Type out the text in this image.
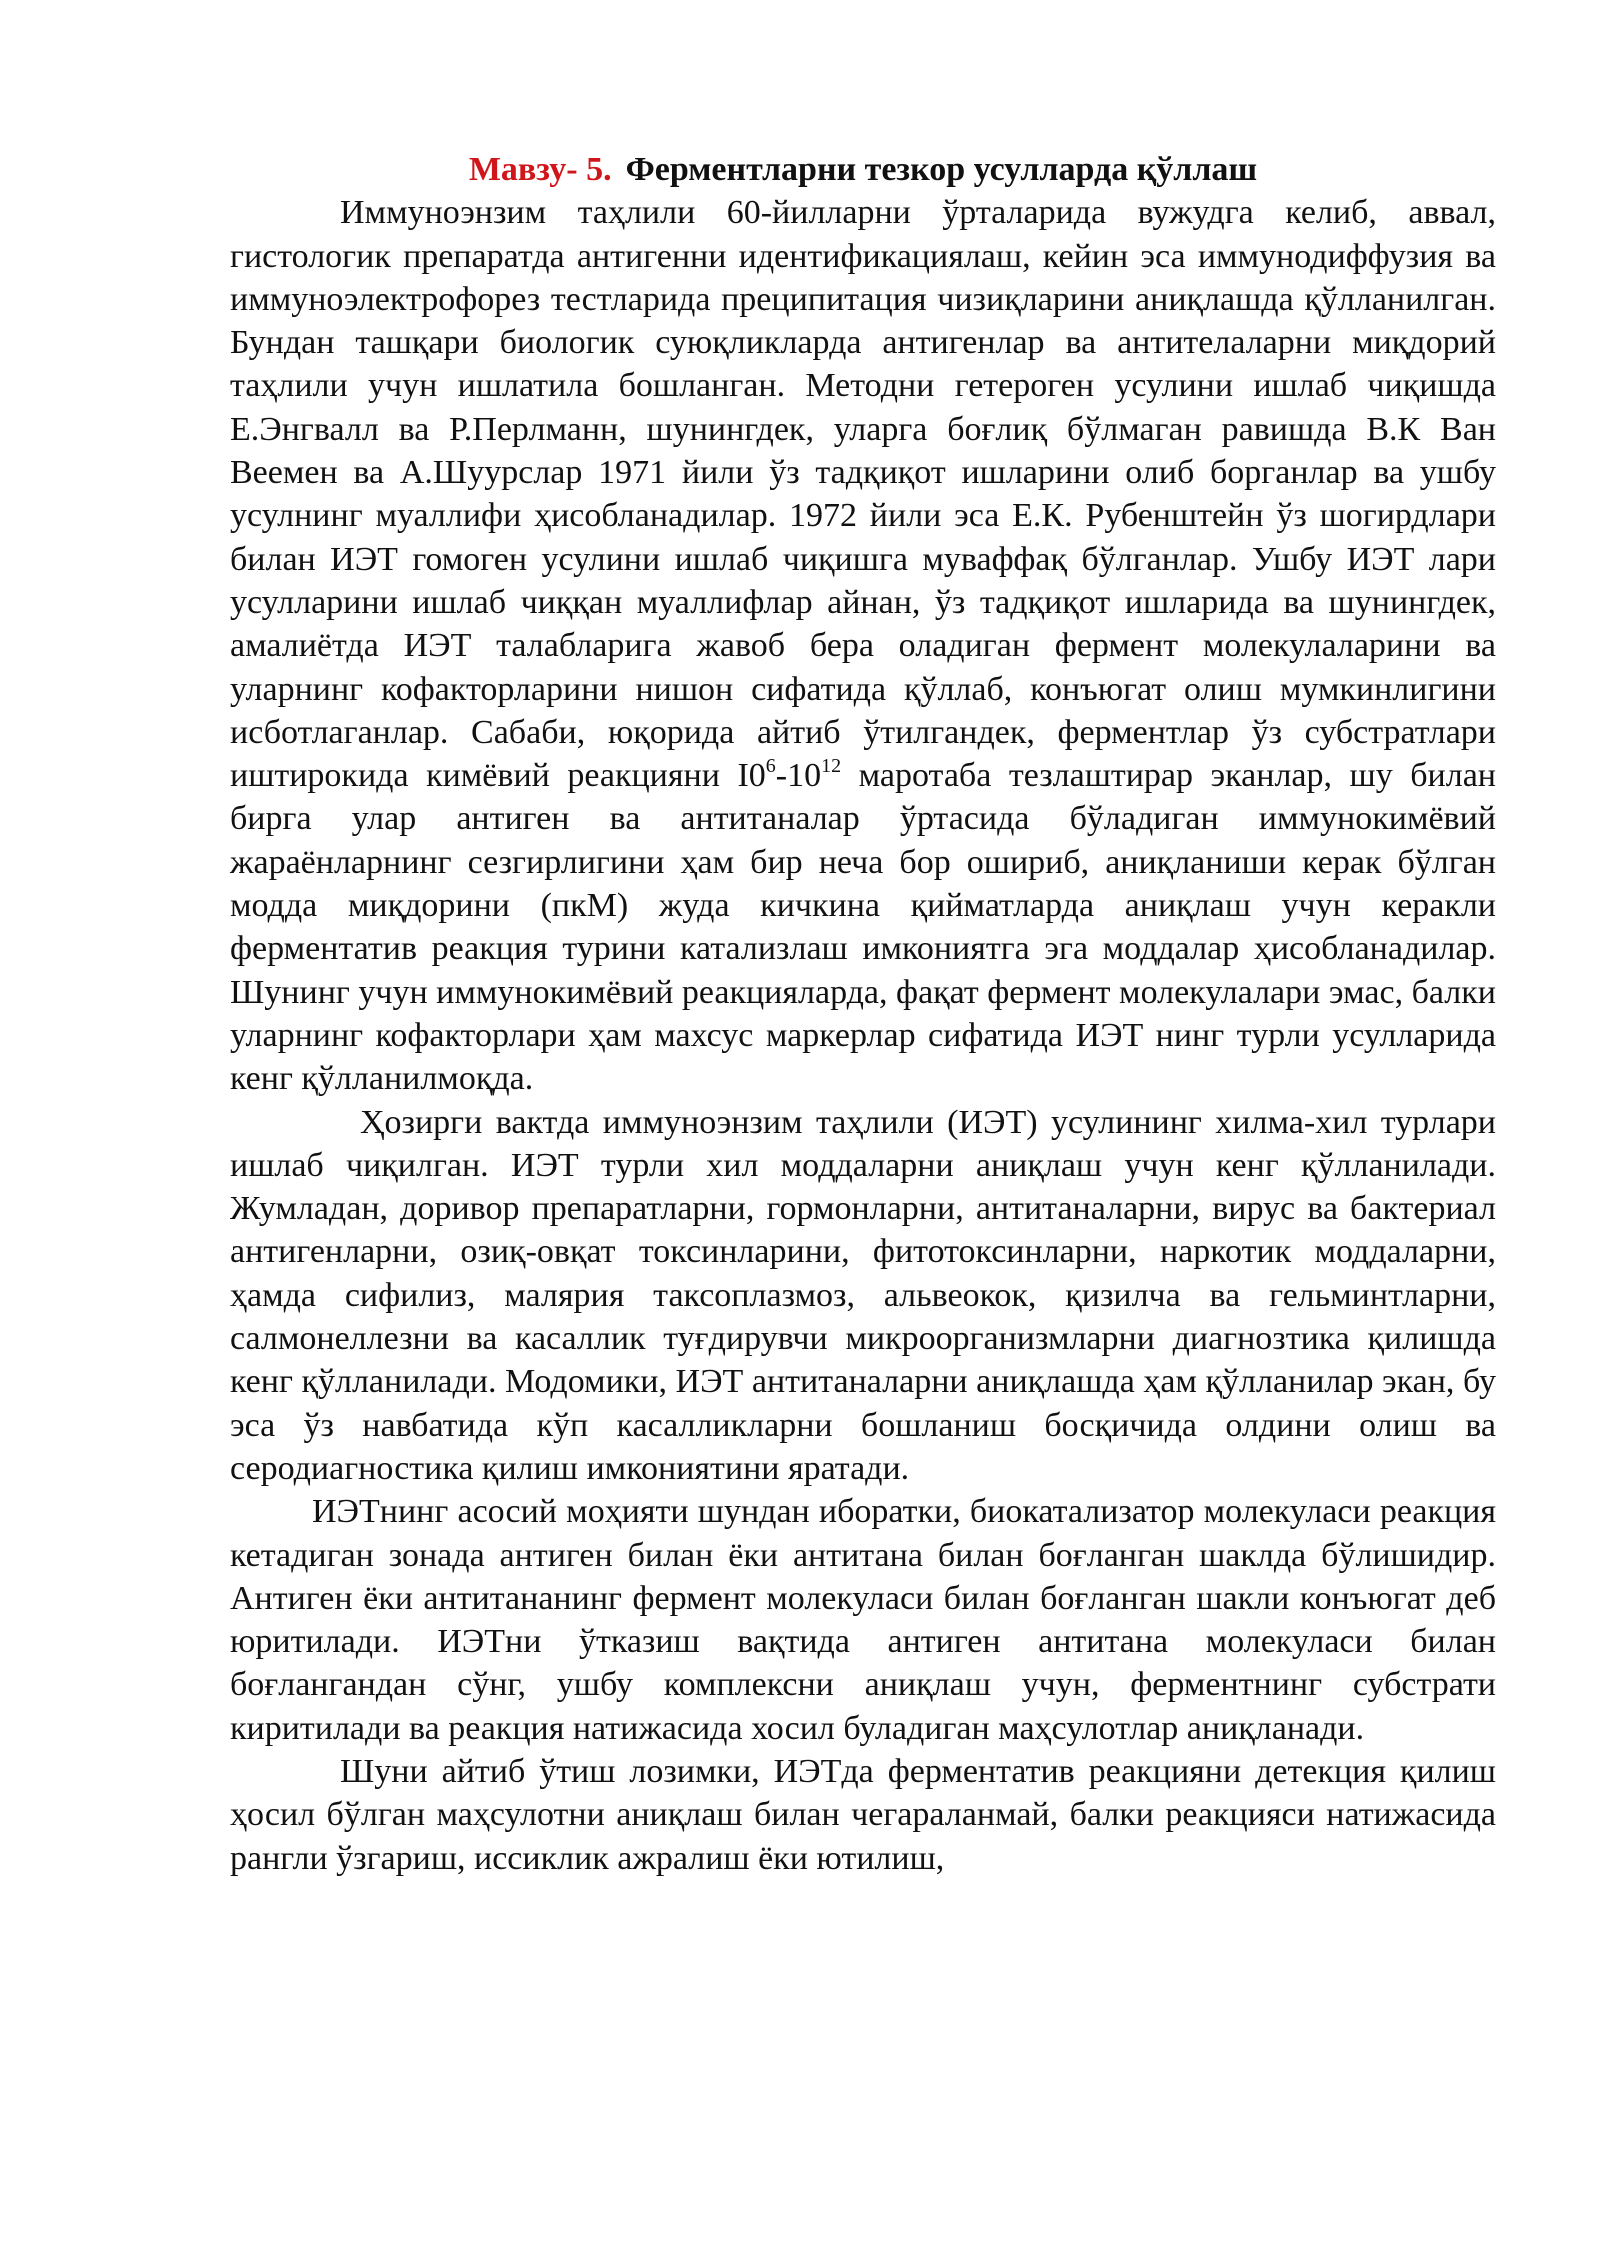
Мавзу- 5. Ферментларни тезкор усулларда қўллаш

Иммуноэнзим таҳлили 60-йилларни ўрталарида вужудга келиб, аввал, гистологик препаратда антигенни идентификациялаш, кейин эса иммунодиффузия ва иммуноэлектрофорез тестларида преципитация чизиқларини аниқлашда қўлланилган. Бундан ташқари биологик суюқликларда антигенлар ва антителаларни миқдорий таҳлили учун ишлатила бошланган. Методни гетероген усулини ишлаб чиқишда Е.Энгвалл ва Р.Перлманн, шунингдек, уларга боғлиқ бўлмаган равишда В.К Ван Веемен ва А.Шуурслар 1971 йили ўз тадқиқот ишларини олиб борганлар ва ушбу усулнинг муаллифи ҳисобланадилар. 1972 йили эса Е.К. Рубенштейн ўз шогирдлари билан ИЭТ гомоген усулини ишлаб чиқишга муваффақ бўлганлар. Ушбу ИЭТ лари усулларини ишлаб чиққан муаллифлар айнан, ўз тадқиқот ишларида ва шунингдек, амалиётда ИЭТ талабларига жавоб бера оладиган фермент молекулаларини ва уларнинг кофакторларини нишон сифатида қўллаб, конъюгат олиш мумкинлигини исботлаганлар. Сабаби, юқорида айтиб ўтилгандек, ферментлар ўз субстратлари иштирокида кимёвий реакцияни $I0^6-10^{12}$ маротаба тезлаштирар эканлар, шу билан бирга улар антиген ва антитаналар ўртасида бўладиган иммунокимёвий жараёнларнинг сезгирлигини ҳам бир неча бор ошириб, аниқланиши керак бўлган модда миқдорини (пкМ) жуда кичкина қийматларда аниқлаш учун керакли ферментатив реакция турини катализлаш имкониятга эга моддалар ҳисобланадилар. Шунинг учун иммунокимёвий реакцияларда, фақат фермент молекулалари эмас, балки уларнинг кофакторлари ҳам махсус маркерлар сифатида ИЭТ нинг турли усулларида кенг қўлланилмоқда.

Ҳозирги вактда иммуноэнзим таҳлили (ИЭТ) усулининг хилма-хил турлари ишлаб чиқилган. ИЭТ турли хил моддаларни аниқлаш учун кенг қўлланилади. Жумладан, доривор препаратларни, гормонларни, антитаналарни, вирус ва бактериал антигенларни, озиқ-овқат токсинларини, фитотоксинларни, наркотик моддаларни, ҳамда сифилиз, малярия таксоплазмоз, альвеокок, қизилча ва гельминтларни, салмонеллезни ва касаллик туғдирувчи микроорганизмларни диагнозтика қилишда кенг қўлланилади. Модомики, ИЭТ антитаналарни аниқлашда ҳам қўлланилар экан, бу эса ўз навбатида кўп касалликларни бошланиш босқичида олдини олиш ва серодиагностика қилиш имкониятини яратади.

ИЭТнинг асосий моҳияти шундан иборатки, биокатализатор молекуласи реакция кетадиган зонада антиген билан ёки антитана билан боғланган шаклда бўлишидир. Антиген ёки антитананинг фермент молекуласи билан боғланган шакли конъюгат деб юритилади. ИЭТни ўтказиш вақтида антиген антитана молекуласи билан боғлангандан сўнг, ушбу комплексни аниқлаш учун, ферментнинг субстрати киритилади ва реакция натижасида хосил буладиган маҳсулотлар аниқланади.

Шуни айтиб ўтиш лозимки, ИЭТда ферментатив реакцияни детекция қилиш ҳосил бўлган маҳсулотни аниқлаш билан чегараланмай, балки реакцияси натижасида рангли ўзгариш, иссиклик ажралиш ёки ютилиш,
